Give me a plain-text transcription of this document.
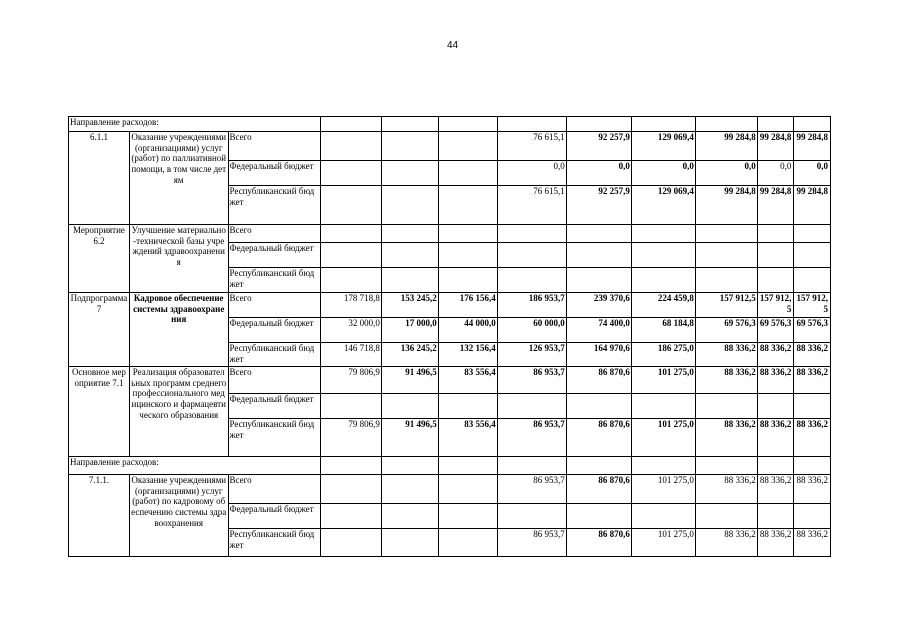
44
Направление расходов:											
6.1.1	Оказание учреждениями (организациями) услуг (работ) по паллиативной помощи, в том числе детям	Всего				76 615,1	92 257,9	129 069,4	99 284,8	99 284,8	99 284,8
		Федеральный бюджет				0,0	0,0	0,0	0,0	0,0	0,0
		Республиканский бюджет				76 615,1	92 257,9	129 069,4	99 284,8	99 284,8	99 284,8
Мероприятие 6.2	Улучшение материально-технической базы учреждений здравоохранения	Всего									
		Федеральный бюджет									
		Республиканский бюджет									
Подпрограмма 7	Кадровое обеспечение системы здравоохранения	Всего	178 718,8	153 245,2	176 156,4	186 953,7	239 370,6	224 459,8	157 912,5	157 912,5	157 912,5
		Федеральный бюджет	32 000,0	17 000,0	44 000,0	60 000,0	74 400,0	68 184,8	69 576,3	69 576,3	69 576,3
		Республиканский бюджет	146 718,8	136 245,2	132 156,4	126 953,7	164 970,6	186 275,0	88 336,2	88 336,2	88 336,2
Основное мероприятие 7.1	Реализация образовательных программ среднего профессионального медицинского и фармацевтического образования	Всего	79 806,9	91 496,5	83 556,4	86 953,7	86 870,6	101 275,0	88 336,2	88 336,2	88 336,2
		Федеральный бюджет									
		Республиканский бюджет	79 806,9	91 496,5	83 556,4	86 953,7	86 870,6	101 275,0	88 336,2	88 336,2	88 336,2
Направление расходов:											
7.1.1.	Оказание учреждениями (организациями) услуг (работ) по кадровому обеспечению системы здравоохранения	Всего				86 953,7	86 870,6	101 275,0	88 336,2	88 336,2	88 336,2
		Федеральный бюджет									
		Республиканский бюджет				86 953,7	86 870,6	101 275,0	88 336,2	88 336,2	88 336,2
